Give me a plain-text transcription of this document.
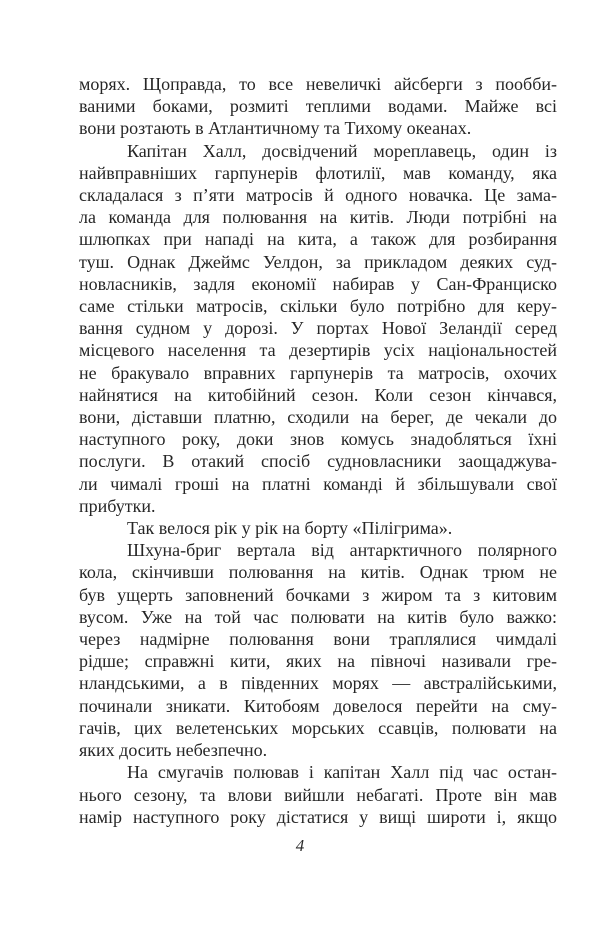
морях. Щоправда, то все невеличкі айсберги з пообби-
ваними боками, розмиті теплими водами. Майже всі
вони розтають в Атлантичному та Тихому океанах.
Капітан Халл, досвідчений мореплавець, один із
найвправніших гарпунерів флотилії, мав команду, яка
складалася з п’яти матросів й одного новачка. Це зама-
ла команда для полювання на китів. Люди потрібні на
шлюпках при нападі на кита, а також для розбирання
туш. Однак Джеймс Уелдон, за прикладом деяких суд-
новласників, задля економії набирав у Сан-Франциско
саме стільки матросів, скільки було потрібно для керу-
вання судном у дорозі. У портах Нової Зеландії серед
місцевого населення та дезертирів усіх національностей
не бракувало вправних гарпунерів та матросів, охочих
найнятися на китобійний сезон. Коли сезон кінчався,
вони, діставши платню, сходили на берег, де чекали до
наступного року, доки знов комусь знадобляться їхні
послуги. В отакий спосіб судновласники заощаджува-
ли чималі гроші на платні команді й збільшували свої
прибутки.
Так велося рік у рік на борту «Пілігрима».
Шхуна-бриг вертала від антарктичного полярного
кола, скінчивши полювання на китів. Однак трюм не
був ущерть заповнений бочками з жиром та з китовим
вусом. Уже на той час полювати на китів було важко:
через надмірне полювання вони траплялися чимдалі
рідше; справжні кити, яких на півночі називали гре-
нландськими, а в південних морях — австралійськими,
починали зникати. Китобоям довелося перейти на сму-
гачів, цих велетенських морських ссавців, полювати на
яких досить небезпечно.
На смугачів полював і капітан Халл під час остан-
нього сезону, та влови вийшли небагаті. Проте він мав
намір наступного року дістатися у вищі широти і, якщо
4
